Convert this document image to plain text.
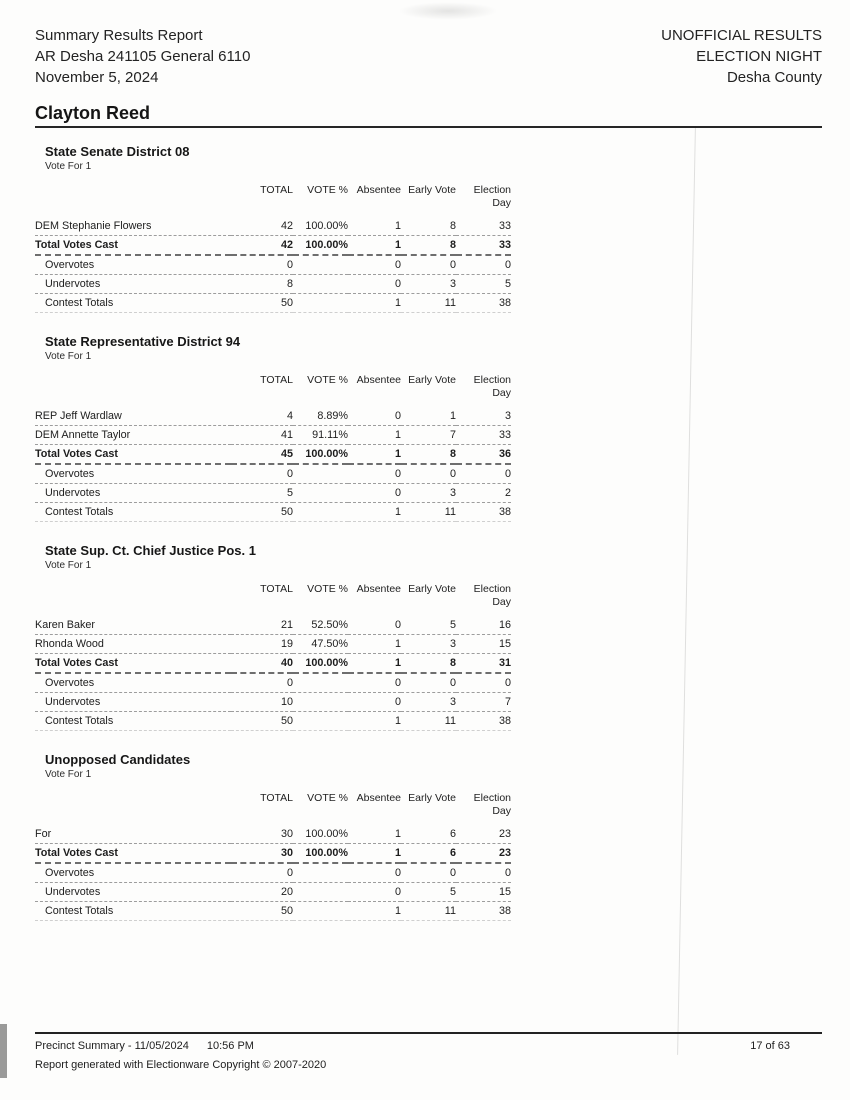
Summary Results Report
AR Desha 241105 General 6110
November 5, 2024
UNOFFICIAL RESULTS
ELECTION NIGHT
Desha County
Clayton Reed
State Senate District 08
Vote For 1
	TOTAL	VOTE %	Absentee	Early Vote	Election Day
DEM Stephanie Flowers	42	100.00%	1	8	33
Total Votes Cast	42	100.00%	1	8	33
Overvotes	0		0	0	0
Undervotes	8		0	3	5
Contest Totals	50		1	11	38
State Representative District 94
Vote For 1
	TOTAL	VOTE %	Absentee	Early Vote	Election Day
REP Jeff Wardlaw	4	8.89%	0	1	3
DEM Annette Taylor	41	91.11%	1	7	33
Total Votes Cast	45	100.00%	1	8	36
Overvotes	0		0	0	0
Undervotes	5		0	3	2
Contest Totals	50		1	11	38
State Sup. Ct. Chief Justice Pos. 1
Vote For 1
	TOTAL	VOTE %	Absentee	Early Vote	Election Day
Karen Baker	21	52.50%	0	5	16
Rhonda Wood	19	47.50%	1	3	15
Total Votes Cast	40	100.00%	1	8	31
Overvotes	0		0	0	0
Undervotes	10		0	3	7
Contest Totals	50		1	11	38
Unopposed Candidates
Vote For 1
	TOTAL	VOTE %	Absentee	Early Vote	Election Day
For	30	100.00%	1	6	23
Total Votes Cast	30	100.00%	1	6	23
Overvotes	0		0	0	0
Undervotes	20		0	5	15
Contest Totals	50		1	11	38
Precinct Summary - 11/05/2024 10:56 PM	17 of 63
Report generated with Electionware Copyright © 2007-2020
